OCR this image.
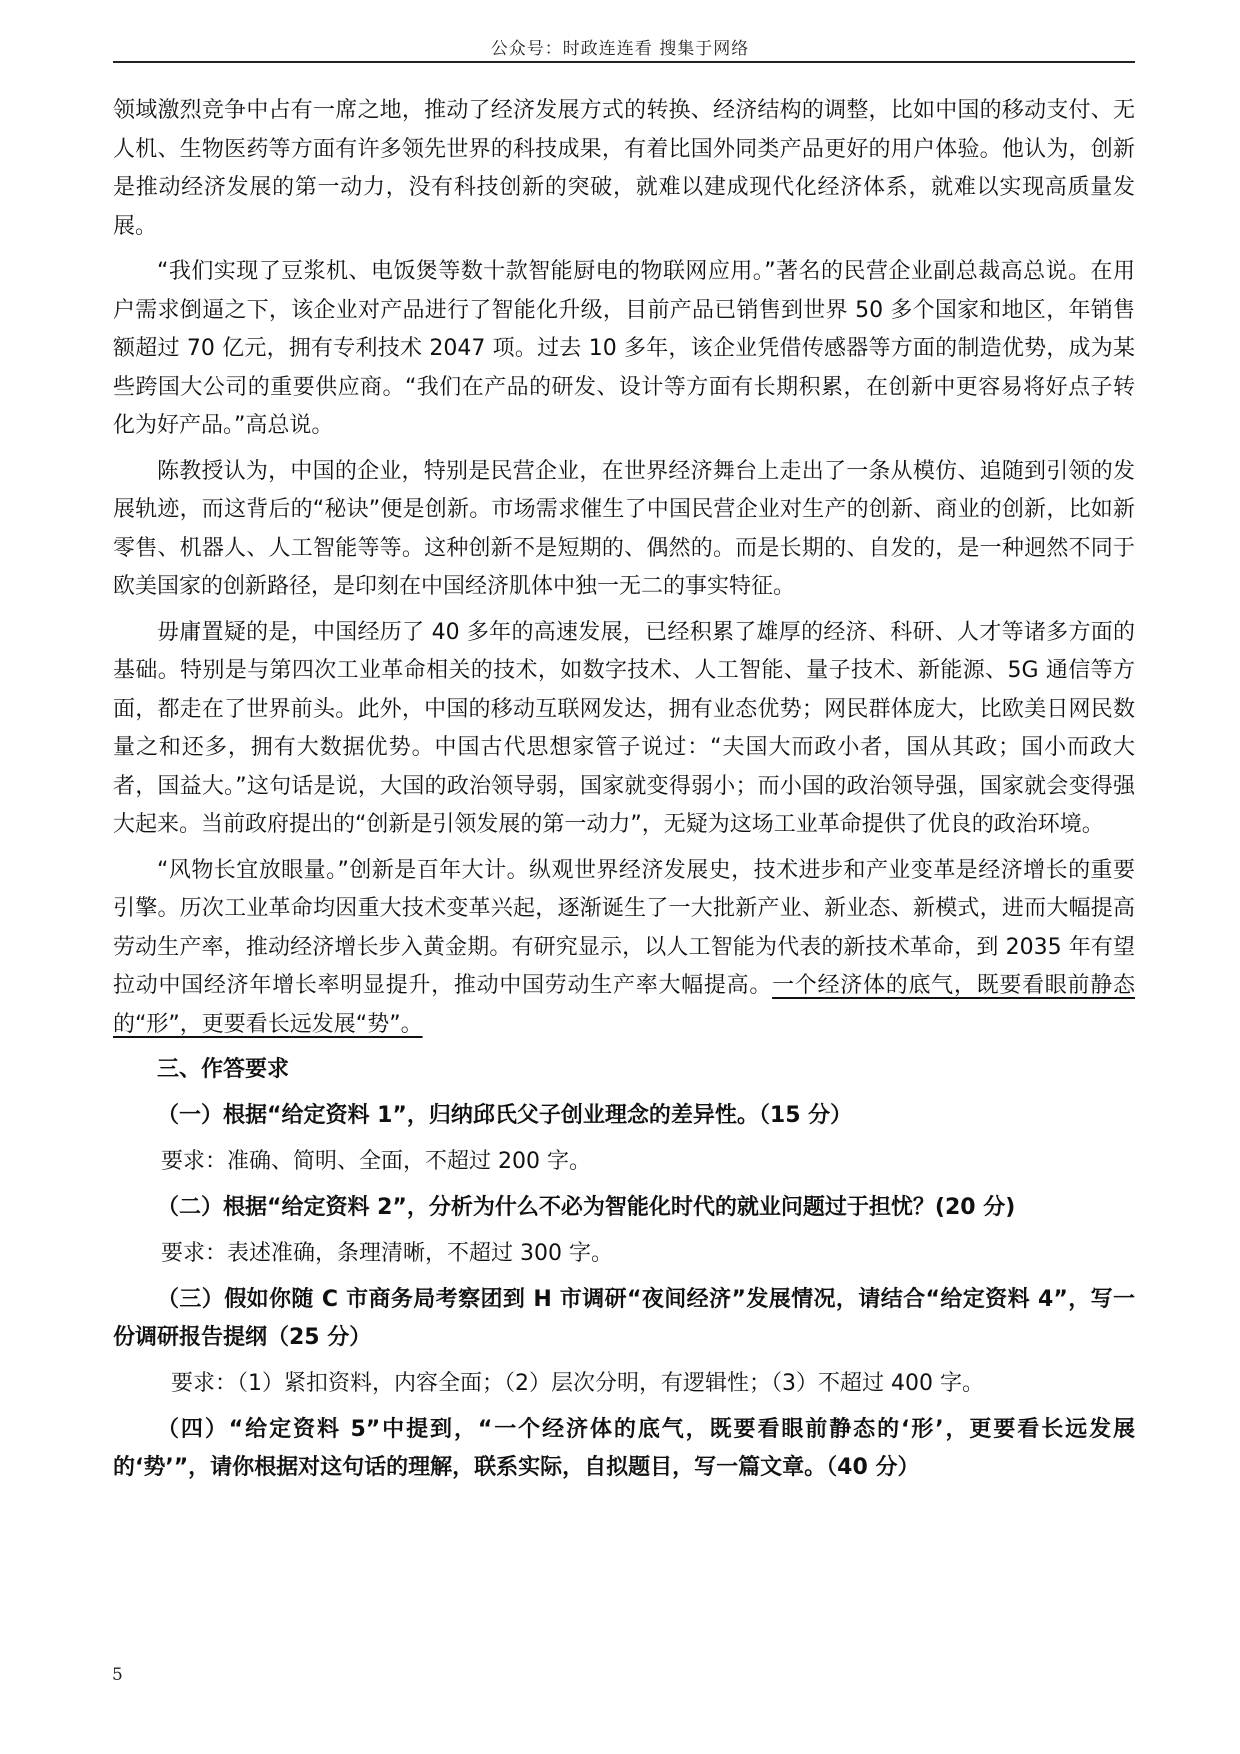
公众号：时政连连看 搜集于网络

领域激烈竞争中占有一席之地，推动了经济发展方式的转换、经济结构的调整，比如中国的移动支付、无人机、生物医药等方面有许多领先世界的科技成果，有着比国外同类产品更好的用户体验。他认为，创新是推动经济发展的第一动力，没有科技创新的突破，就难以建成现代化经济体系，就难以实现高质量发展。

“我们实现了豆浆机、电饭煲等数十款智能厨电的物联网应用。”著名的民营企业副总裁高总说。在用户需求倒逼之下，该企业对产品进行了智能化升级，目前产品已销售到世界 50 多个国家和地区，年销售额超过 70 亿元，拥有专利技术 2047 项。过去 10 多年，该企业凭借传感器等方面的制造优势，成为某些跨国大公司的重要供应商。“我们在产品的研发、设计等方面有长期积累，在创新中更容易将好点子转化为好产品。”高总说。

陈教授认为，中国的企业，特别是民营企业，在世界经济舞台上走出了一条从模仿、追随到引领的发展轨迹，而这背后的“秘诀”便是创新。市场需求催生了中国民营企业对生产的创新、商业的创新，比如新零售、机器人、人工智能等等。这种创新不是短期的、偶然的。而是长期的、自发的，是一种迥然不同于欧美国家的创新路径，是印刻在中国经济肌体中独一无二的事实特征。

毋庸置疑的是，中国经历了 40 多年的高速发展，已经积累了雄厚的经济、科研、人才等诸多方面的基础。特别是与第四次工业革命相关的技术，如数字技术、人工智能、量子技术、新能源、5G 通信等方面，都走在了世界前头。此外，中国的移动互联网发达，拥有业态优势；网民群体庞大，比欧美日网民数量之和还多，拥有大数据优势。中国古代思想家管子说过：“夫国大而政小者，国从其政；国小而政大者，国益大。”这句话是说，大国的政治领导弱，国家就变得弱小；而小国的政治领导强，国家就会变得强大起来。当前政府提出的“创新是引领发展的第一动力”，无疑为这场工业革命提供了优良的政治环境。

“风物长宜放眼量。”创新是百年大计。纵观世界经济发展史，技术进步和产业变革是经济增长的重要引擎。历次工业革命均因重大技术变革兴起，逐渐诞生了一大批新产业、新业态、新模式，进而大幅提高劳动生产率，推动经济增长步入黄金期。有研究显示，以人工智能为代表的新技术革命，到 2035 年有望拉动中国经济年增长率明显提升，推动中国劳动生产率大幅提高。一个经济体的底气，既要看眼前静态的“形”，更要看长远发展“势”。

三、作答要求
（一）根据“给定资料 1”，归纳邱氏父子创业理念的差异性。（15 分）
要求：准确、简明、全面，不超过 200 字。
（二）根据“给定资料 2”，分析为什么不必为智能化时代的就业问题过于担忧？(20 分)
要求：表述准确，条理清晰，不超过 300 字。
（三）假如你随 C 市商务局考察团到 H 市调研“夜间经济”发展情况，请结合“给定资料 4”，写一份调研报告提纲（25 分）
要求：（1）紧扣资料，内容全面；（2）层次分明，有逻辑性；（3）不超过 400 字。
（四）“给定资料 5”中提到，“一个经济体的底气，既要看眼前静态的‘形’，更要看长远发展的‘势’”，请你根据对这句话的理解，联系实际，自拟题目，写一篇文章。（40 分）
5
